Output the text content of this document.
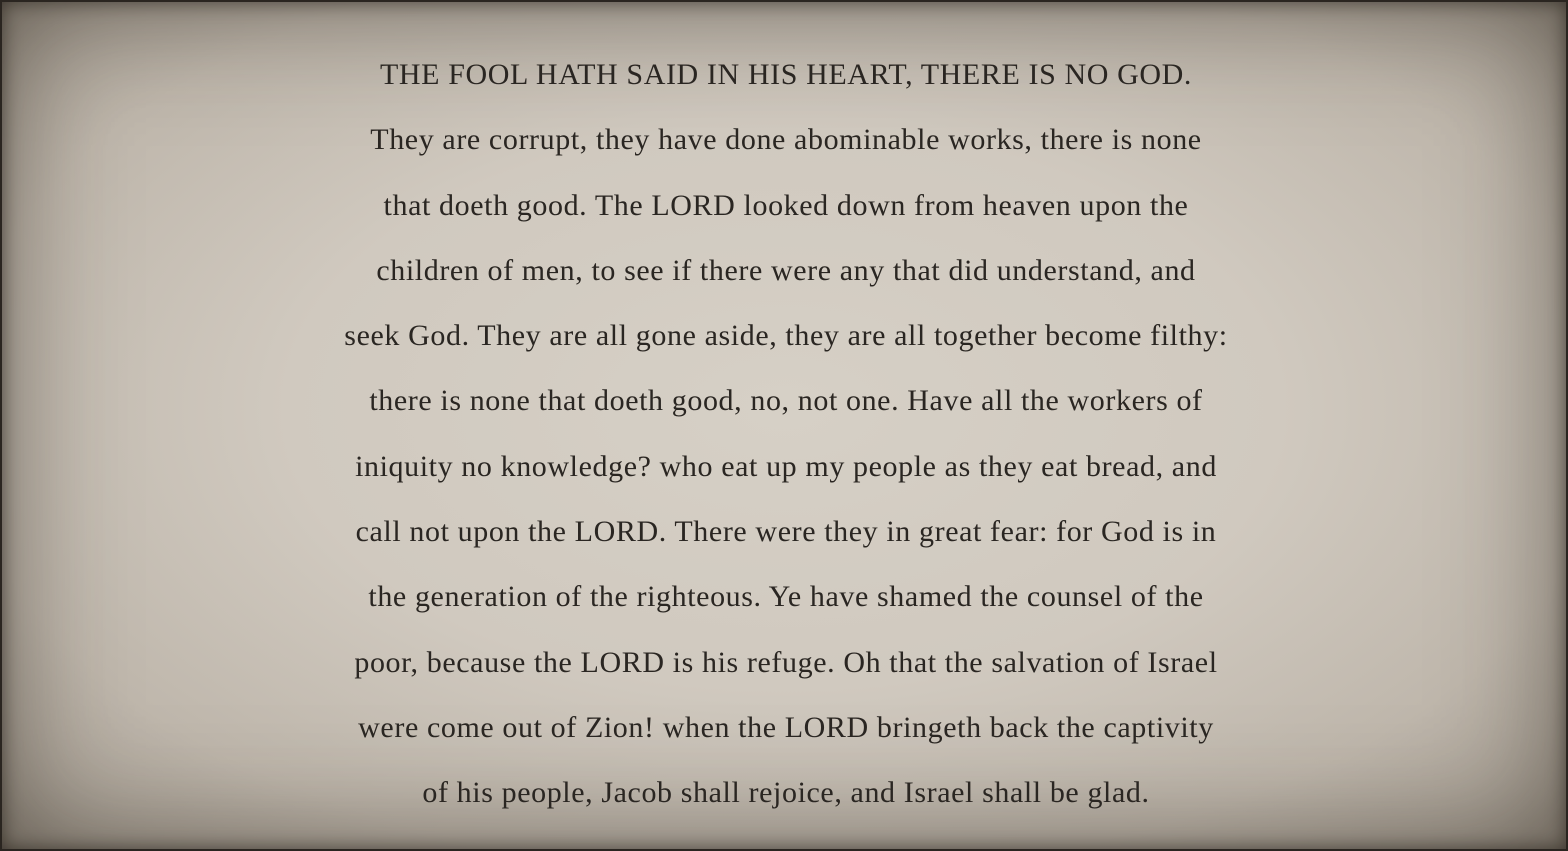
THE FOOL HATH SAID IN HIS HEART, THERE IS NO GOD.
They are corrupt, they have done abominable works, there is none
that doeth good. The LORD looked down from heaven upon the
children of men, to see if there were any that did understand, and
seek God. They are all gone aside, they are all together become filthy:
there is none that doeth good, no, not one. Have all the workers of
iniquity no knowledge? who eat up my people as they eat bread, and
call not upon the LORD. There were they in great fear: for God is in
the generation of the righteous. Ye have shamed the counsel of the
poor, because the LORD is his refuge. Oh that the salvation of Israel
were come out of Zion! when the LORD bringeth back the captivity
of his people, Jacob shall rejoice, and Israel shall be glad.
